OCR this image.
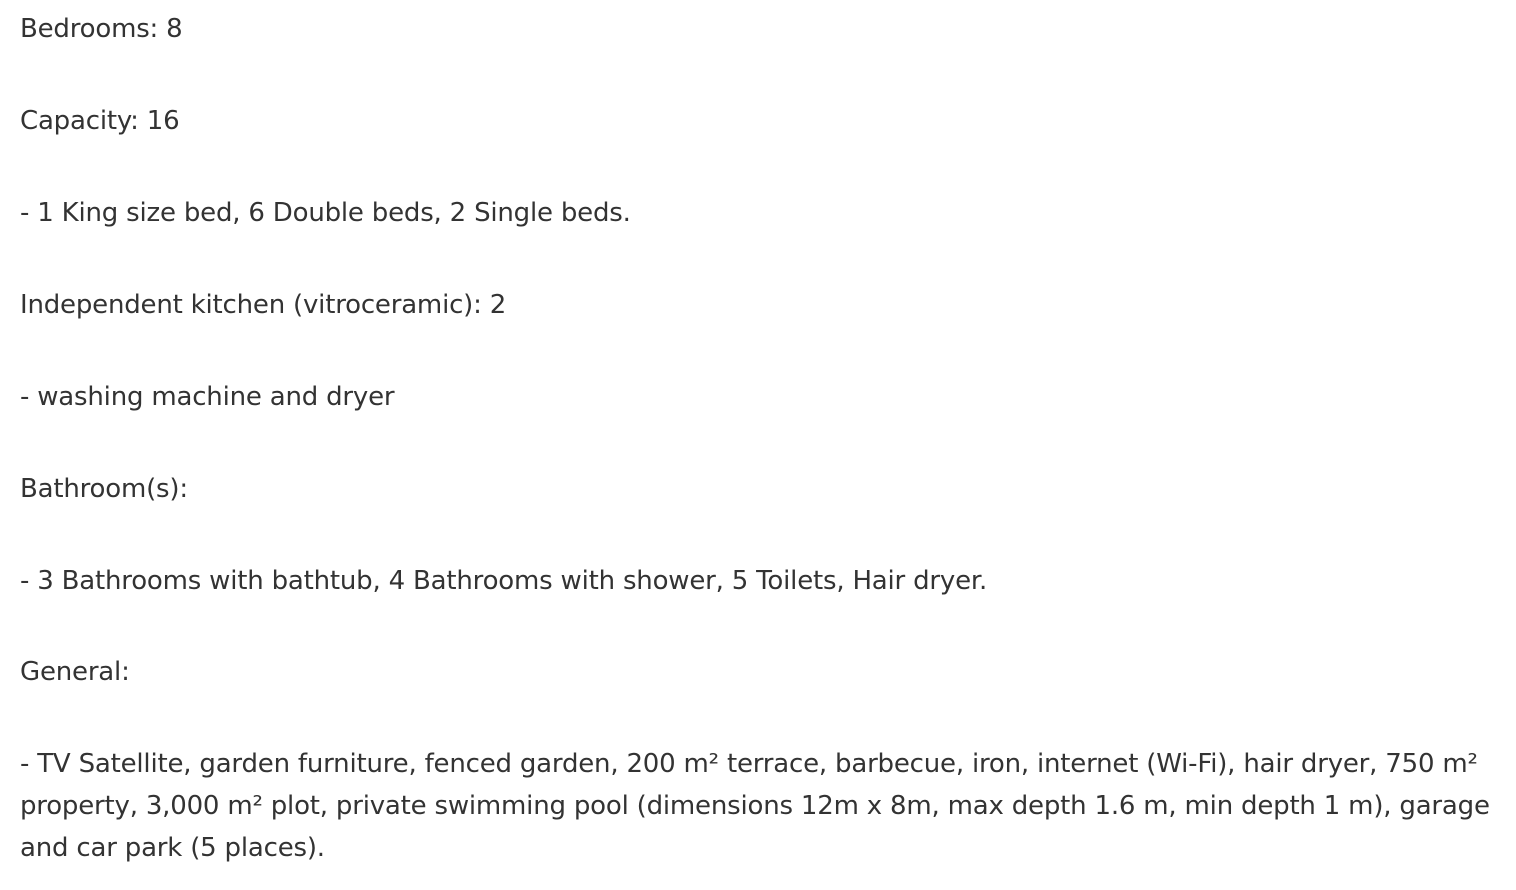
Bedrooms: 8

Capacity: 16

- 1 King size bed, 6 Double beds, 2 Single beds.

Independent kitchen (vitroceramic): 2

- washing machine and dryer

Bathroom(s):

- 3 Bathrooms with bathtub, 4 Bathrooms with shower, 5 Toilets, Hair dryer.

General:

- TV Satellite, garden furniture, fenced garden, 200 m² terrace, barbecue, iron, internet (Wi-Fi), hair dryer, 750 m²

property, 3,000 m² plot, private swimming pool (dimensions 12m x 8m, max depth 1.6 m, min depth 1 m), garage

and car park (5 places).
